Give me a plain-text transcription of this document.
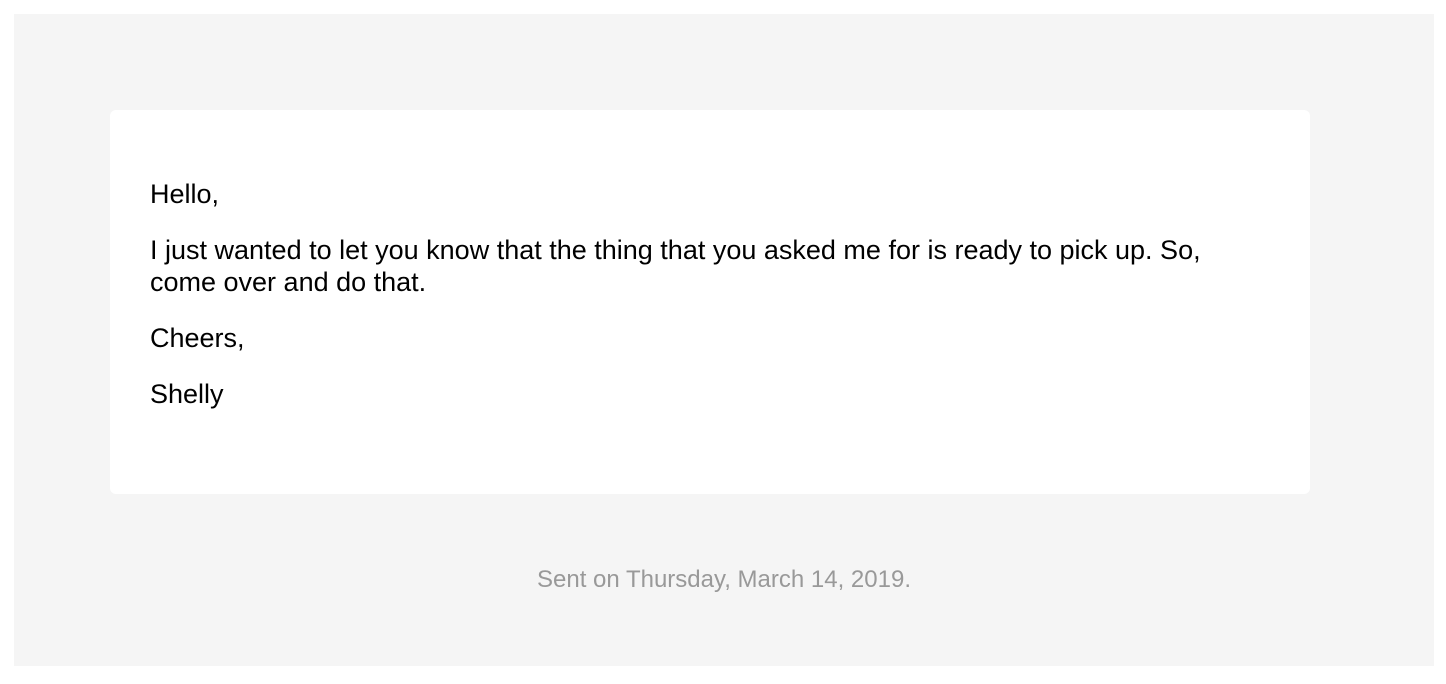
Hello,

I just wanted to let you know that the thing that you asked me for is ready to pick up. So, come over and do that.

Cheers,

Shelly

Sent on Thursday, March 14, 2019.
